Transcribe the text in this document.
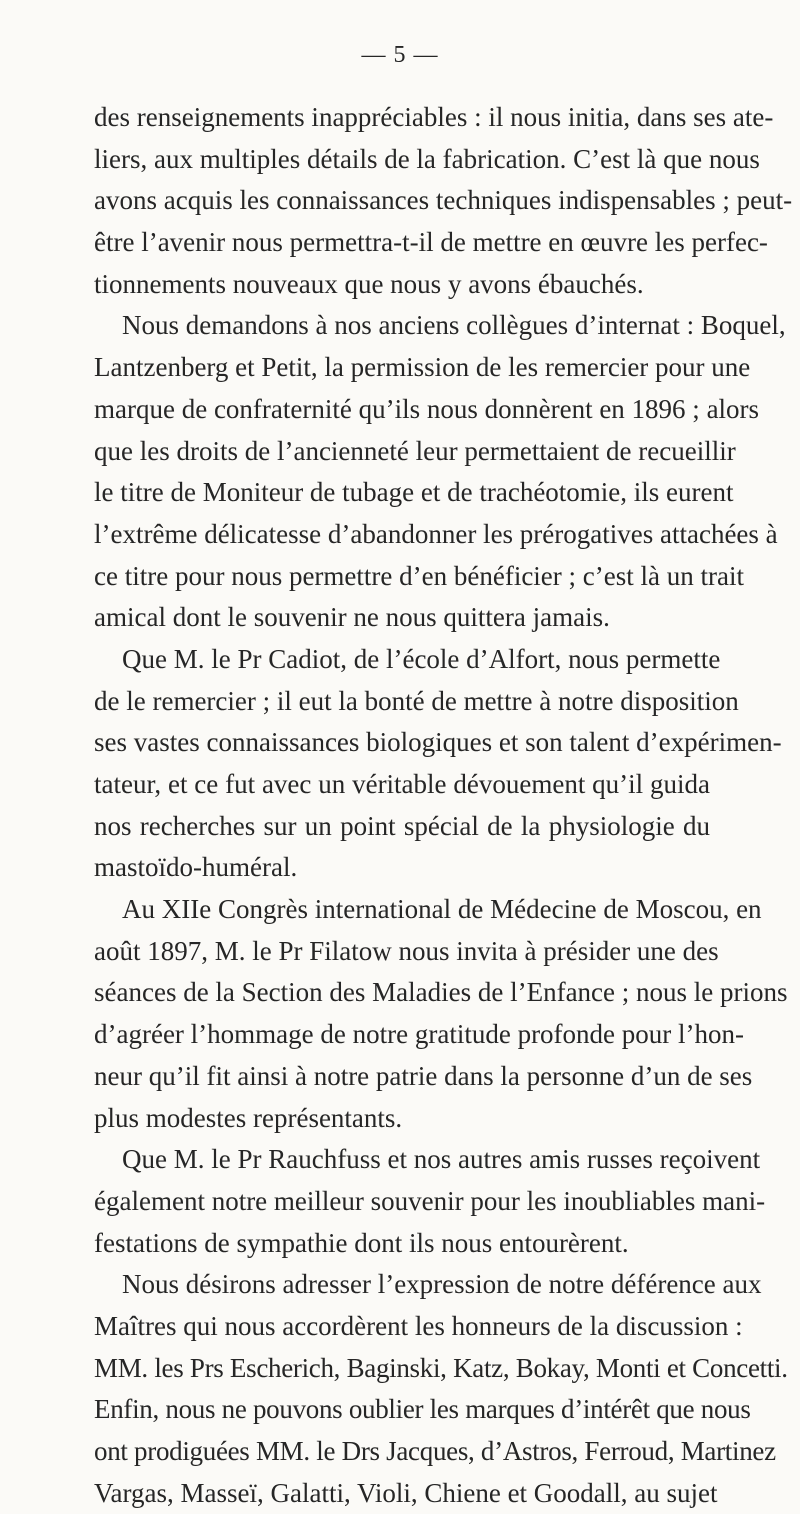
— 5 —
des renseignements inappréciables : il nous initia, dans ses ate-
liers, aux multiples détails de la fabrication. C’est là que nous
avons acquis les connaissances techniques indispensables ; peut-
être l’avenir nous permettra-t-il de mettre en œuvre les perfec-
tionnements nouveaux que nous y avons ébauchés.
Nous demandons à nos anciens collègues d’internat : Boquel,
Lantzenberg et Petit, la permission de les remercier pour une
marque de confraternité qu’ils nous donnèrent en 1896 ; alors
que les droits de l’ancienneté leur permettaient de recueillir
le titre de Moniteur de tubage et de trachéotomie, ils eurent
l’extrême délicatesse d’abandonner les prérogatives attachées à
ce titre pour nous permettre d’en bénéficier ; c’est là un trait
amical dont le souvenir ne nous quittera jamais.
Que M. le Pr Cadiot, de l’école d’Alfort, nous permette
de le remercier ; il eut la bonté de mettre à notre disposition
ses vastes connaissances biologiques et son talent d’expérimen-
tateur, et ce fut avec un véritable dévouement qu’il guida
nos recherches sur un point spécial de la physiologie du
mastoïdo-huméral.
Au XIIe Congrès international de Médecine de Moscou, en
août 1897, M. le Pr Filatow nous invita à présider une des
séances de la Section des Maladies de l’Enfance ; nous le prions
d’agréer l’hommage de notre gratitude profonde pour l’hon-
neur qu’il fit ainsi à notre patrie dans la personne d’un de ses
plus modestes représentants.
Que M. le Pr Rauchfuss et nos autres amis russes reçoivent
également notre meilleur souvenir pour les inoubliables mani-
festations de sympathie dont ils nous entourèrent.
Nous désirons adresser l’expression de notre déférence aux
Maîtres qui nous accordèrent les honneurs de la discussion :
MM. les Prs Escherich, Baginski, Katz, Bokay, Monti et Concetti.
Enfin, nous ne pouvons oublier les marques d’intérêt que nous
ont prodiguées MM. le Drs Jacques, d’Astros, Ferroud, Martinez
Vargas, Masseï, Galatti, Violi, Chiene et Goodall, au sujet
